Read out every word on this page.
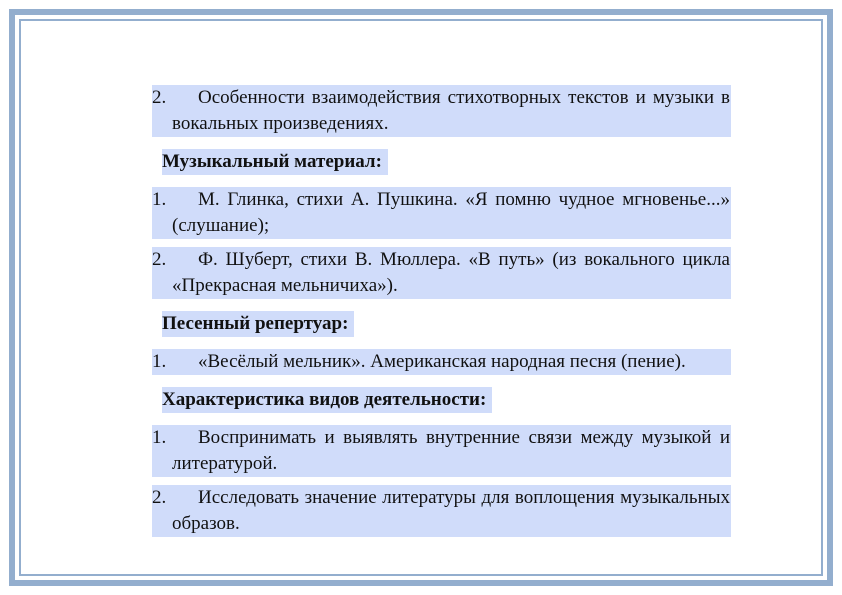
2. Особенности взаимодействия стихотворных текстов и музыки в вокальных произведениях.
Музыкальный материал:
1. М. Глинка, стихи А. Пушкина. «Я помню чудное мгновенье...» (слушание);
2. Ф. Шуберт, стихи В. Мюллера. «В путь» (из вокального цикла «Прекрасная мельничиха»).
Песенный репертуар:
1. «Весёлый мельник». Американская народная песня (пение).
Характеристика видов деятельности:
1. Воспринимать и выявлять внутренние связи между музыкой и литературой.
2. Исследовать значение литературы для воплощения музыкальных образов.
